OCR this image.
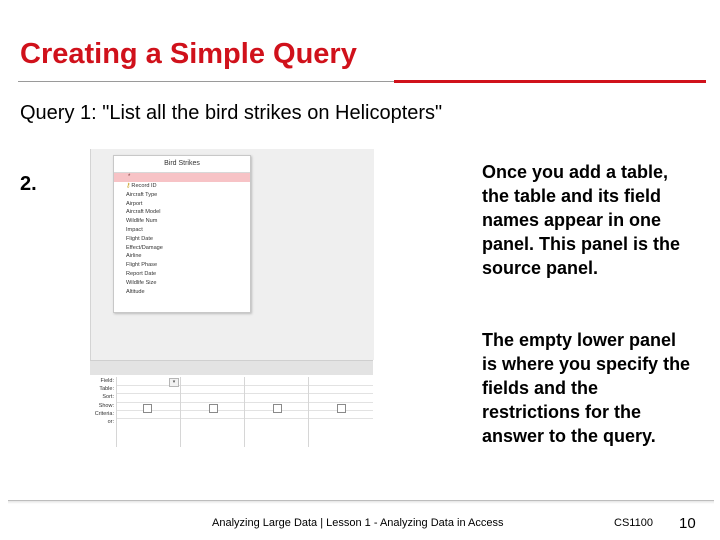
Creating a Simple Query
Query 1: "List all the bird strikes on Helicopters"
2.
Bird Strikes
*
⚷Record ID
Aircraft Type
Airport
Aircraft Model
Wildlife Num
Impact
Flight Date
Effect/Damage
Airline
Flight Phase
Report Date
Wildlife Size
Altitude
Field:
Table:
Sort:
Show:
Criteria:
or:
▾

Once you add a table, the table and its field names appear in one panel. This panel is the source panel.

The empty lower panel is where you specify the fields and the restrictions for the answer to the query.

Analyzing Large Data | Lesson 1 - Analyzing Data in Access	CS1100 10
